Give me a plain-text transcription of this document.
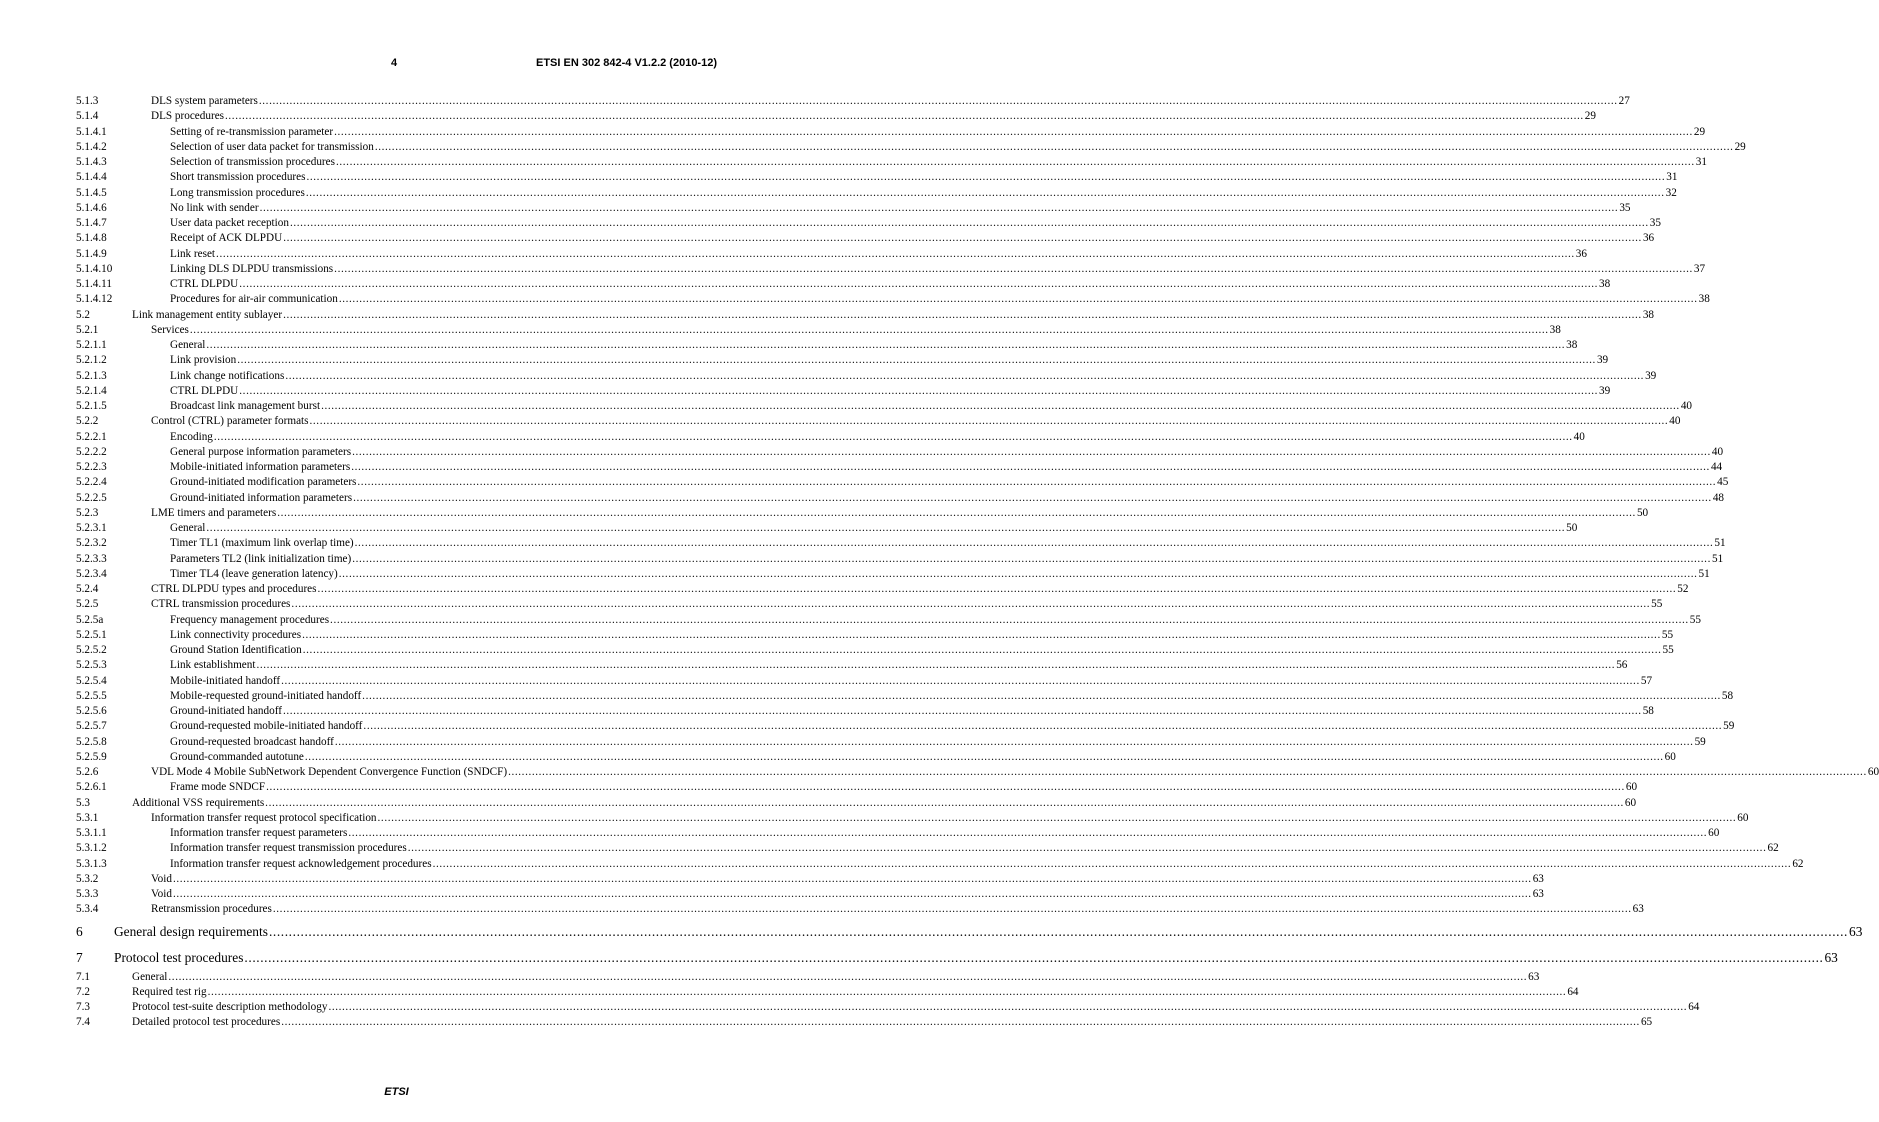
4	ETSI EN 302 842-4 V1.2.2 (2010-12)
5.1.3	DLS system parameters ................................................................................................................................................................................................................................................................................................................................................................................................................ 27
5.1.4	DLS procedures ................................................................................................................................................................................................................................................................................................................................................................................................................ 29
5.1.4.1	Setting of re-transmission parameter ................................................................................................................................................................................................................................................................................................................................................................................................................ 29
5.1.4.2	Selection of user data packet for transmission ................................................................................................................................................................................................................................................................................................................................................................................................................ 29
5.1.4.3	Selection of transmission procedures ................................................................................................................................................................................................................................................................................................................................................................................................................ 31
5.1.4.4	Short transmission procedures ................................................................................................................................................................................................................................................................................................................................................................................................................ 31
5.1.4.5	Long transmission procedures ................................................................................................................................................................................................................................................................................................................................................................................................................ 32
5.1.4.6	No link with sender ................................................................................................................................................................................................................................................................................................................................................................................................................ 35
5.1.4.7	User data packet reception ................................................................................................................................................................................................................................................................................................................................................................................................................ 35
5.1.4.8	Receipt of ACK DLPDU ................................................................................................................................................................................................................................................................................................................................................................................................................ 36
5.1.4.9	Link reset ................................................................................................................................................................................................................................................................................................................................................................................................................ 36
5.1.4.10	Linking DLS DLPDU transmissions ................................................................................................................................................................................................................................................................................................................................................................................................................ 37
5.1.4.11	CTRL DLPDU ................................................................................................................................................................................................................................................................................................................................................................................................................ 38
5.1.4.12	Procedures for air-air communication ................................................................................................................................................................................................................................................................................................................................................................................................................ 38
5.2	Link management entity sublayer ................................................................................................................................................................................................................................................................................................................................................................................................................ 38
5.2.1	Services ................................................................................................................................................................................................................................................................................................................................................................................................................ 38
5.2.1.1	General ................................................................................................................................................................................................................................................................................................................................................................................................................ 38
5.2.1.2	Link provision ................................................................................................................................................................................................................................................................................................................................................................................................................ 39
5.2.1.3	Link change notifications ................................................................................................................................................................................................................................................................................................................................................................................................................ 39
5.2.1.4	CTRL DLPDU ................................................................................................................................................................................................................................................................................................................................................................................................................ 39
5.2.1.5	Broadcast link management burst ................................................................................................................................................................................................................................................................................................................................................................................................................ 40
5.2.2	Control (CTRL) parameter formats ................................................................................................................................................................................................................................................................................................................................................................................................................ 40
5.2.2.1	Encoding ................................................................................................................................................................................................................................................................................................................................................................................................................ 40
5.2.2.2	General purpose information parameters ................................................................................................................................................................................................................................................................................................................................................................................................................ 40
5.2.2.3	Mobile-initiated information parameters ................................................................................................................................................................................................................................................................................................................................................................................................................ 44
5.2.2.4	Ground-initiated modification parameters ................................................................................................................................................................................................................................................................................................................................................................................................................ 45
5.2.2.5	Ground-initiated information parameters ................................................................................................................................................................................................................................................................................................................................................................................................................ 48
5.2.3	LME timers and parameters ................................................................................................................................................................................................................................................................................................................................................................................................................ 50
5.2.3.1	General ................................................................................................................................................................................................................................................................................................................................................................................................................ 50
5.2.3.2	Timer TL1 (maximum link overlap time) ................................................................................................................................................................................................................................................................................................................................................................................................................ 51
5.2.3.3	Parameters TL2 (link initialization time) ................................................................................................................................................................................................................................................................................................................................................................................................................ 51
5.2.3.4	Timer TL4 (leave generation latency) ................................................................................................................................................................................................................................................................................................................................................................................................................ 51
5.2.4	CTRL DLPDU types and procedures ................................................................................................................................................................................................................................................................................................................................................................................................................ 52
5.2.5	CTRL transmission procedures ................................................................................................................................................................................................................................................................................................................................................................................................................ 55
5.2.5a	Frequency management procedures ................................................................................................................................................................................................................................................................................................................................................................................................................ 55
5.2.5.1	Link connectivity procedures ................................................................................................................................................................................................................................................................................................................................................................................................................ 55
5.2.5.2	Ground Station Identification ................................................................................................................................................................................................................................................................................................................................................................................................................ 55
5.2.5.3	Link establishment ................................................................................................................................................................................................................................................................................................................................................................................................................ 56
5.2.5.4	Mobile-initiated handoff ................................................................................................................................................................................................................................................................................................................................................................................................................ 57
5.2.5.5	Mobile-requested ground-initiated handoff ................................................................................................................................................................................................................................................................................................................................................................................................................ 58
5.2.5.6	Ground-initiated handoff ................................................................................................................................................................................................................................................................................................................................................................................................................ 58
5.2.5.7	Ground-requested mobile-initiated handoff ................................................................................................................................................................................................................................................................................................................................................................................................................ 59
5.2.5.8	Ground-requested broadcast handoff ................................................................................................................................................................................................................................................................................................................................................................................................................ 59
5.2.5.9	Ground-commanded autotune ................................................................................................................................................................................................................................................................................................................................................................................................................ 60
5.2.6	VDL Mode 4 Mobile SubNetwork Dependent Convergence Function (SNDCF) ................................................................................................................................................................................................................................................................................................................................................................................................................ 60
5.2.6.1	Frame mode SNDCF ................................................................................................................................................................................................................................................................................................................................................................................................................ 60
5.3	Additional VSS requirements ................................................................................................................................................................................................................................................................................................................................................................................................................ 60
5.3.1	Information transfer request protocol specification ................................................................................................................................................................................................................................................................................................................................................................................................................ 60
5.3.1.1	Information transfer request parameters ................................................................................................................................................................................................................................................................................................................................................................................................................ 60
5.3.1.2	Information transfer request transmission procedures ................................................................................................................................................................................................................................................................................................................................................................................................................ 62
5.3.1.3	Information transfer request acknowledgement procedures ................................................................................................................................................................................................................................................................................................................................................................................................................ 62
5.3.2	Void ................................................................................................................................................................................................................................................................................................................................................................................................................ 63
5.3.3	Void ................................................................................................................................................................................................................................................................................................................................................................................................................ 63
5.3.4	Retransmission procedures ................................................................................................................................................................................................................................................................................................................................................................................................................ 63
6 General design requirements ................................................................................................................................................................................................................................................................................................................................................................................................................ 63
7 Protocol test procedures ................................................................................................................................................................................................................................................................................................................................................................................................................ 63
7.1	General ................................................................................................................................................................................................................................................................................................................................................................................................................ 63
7.2	Required test rig ................................................................................................................................................................................................................................................................................................................................................................................................................ 64
7.3	Protocol test-suite description methodology ................................................................................................................................................................................................................................................................................................................................................................................................................ 64
7.4	Detailed protocol test procedures ................................................................................................................................................................................................................................................................................................................................................................................................................ 65
ETSI
